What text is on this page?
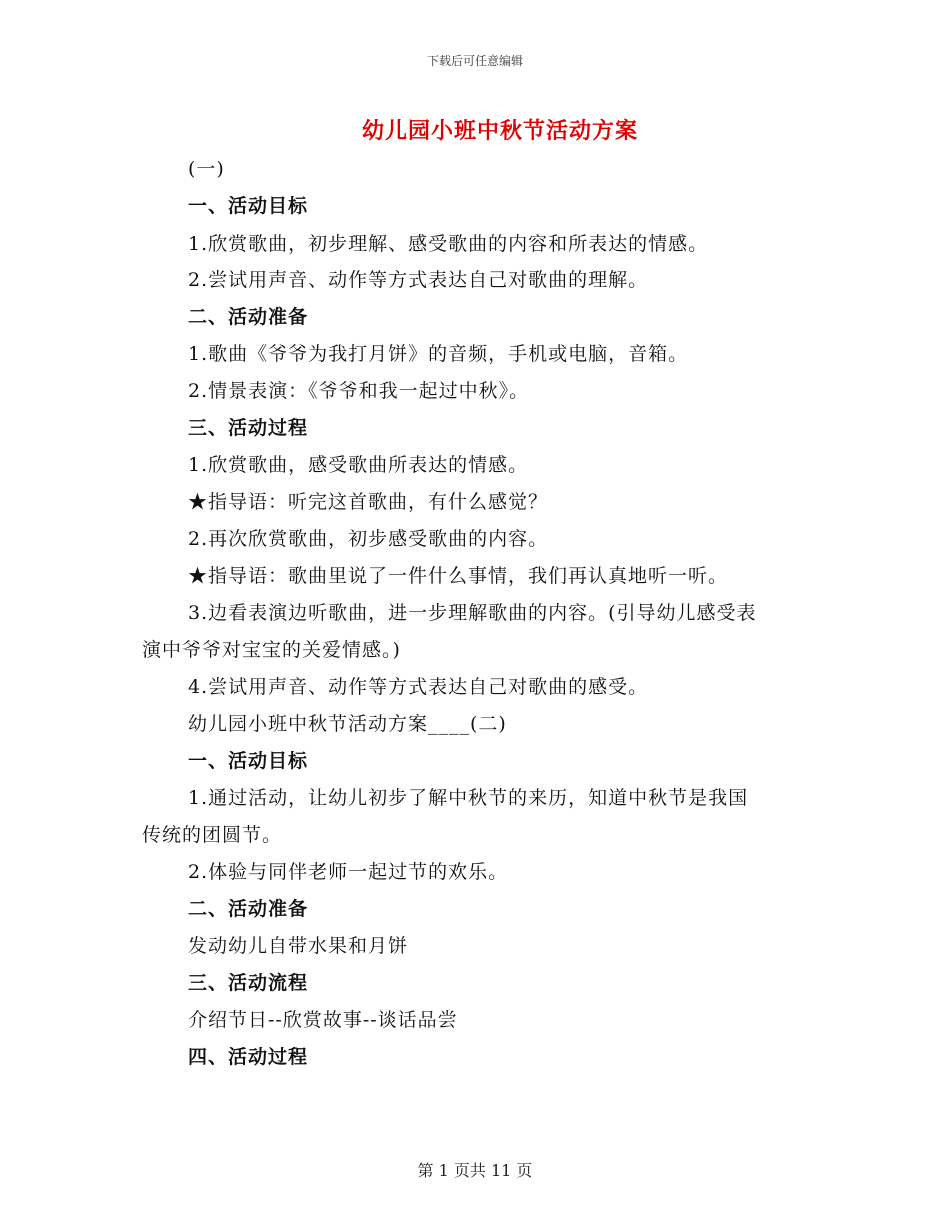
下载后可任意编辑
幼儿园小班中秋节活动方案
(一)
一、活动目标
1.欣赏歌曲，初步理解、感受歌曲的内容和所表达的情感。
2.尝试用声音、动作等方式表达自己对歌曲的理解。
二、活动准备
1.歌曲《爷爷为我打月饼》的音频，手机或电脑，音箱。
2.情景表演：《爷爷和我一起过中秋》。
三、活动过程
1.欣赏歌曲，感受歌曲所表达的情感。
★指导语：听完这首歌曲，有什么感觉？
2.再次欣赏歌曲，初步感受歌曲的内容。
★指导语：歌曲里说了一件什么事情，我们再认真地听一听。
3.边看表演边听歌曲，进一步理解歌曲的内容。(引导幼儿感受表
演中爷爷对宝宝的关爱情感。)
4.尝试用声音、动作等方式表达自己对歌曲的感受。
幼儿园小班中秋节活动方案____(二)
一、活动目标
1.通过活动，让幼儿初步了解中秋节的来历，知道中秋节是我国
传统的团圆节。
2.体验与同伴老师一起过节的欢乐。
二、活动准备
发动幼儿自带水果和月饼
三、活动流程
介绍节日--欣赏故事--谈话品尝
四、活动过程
第 1 页共 11 页
